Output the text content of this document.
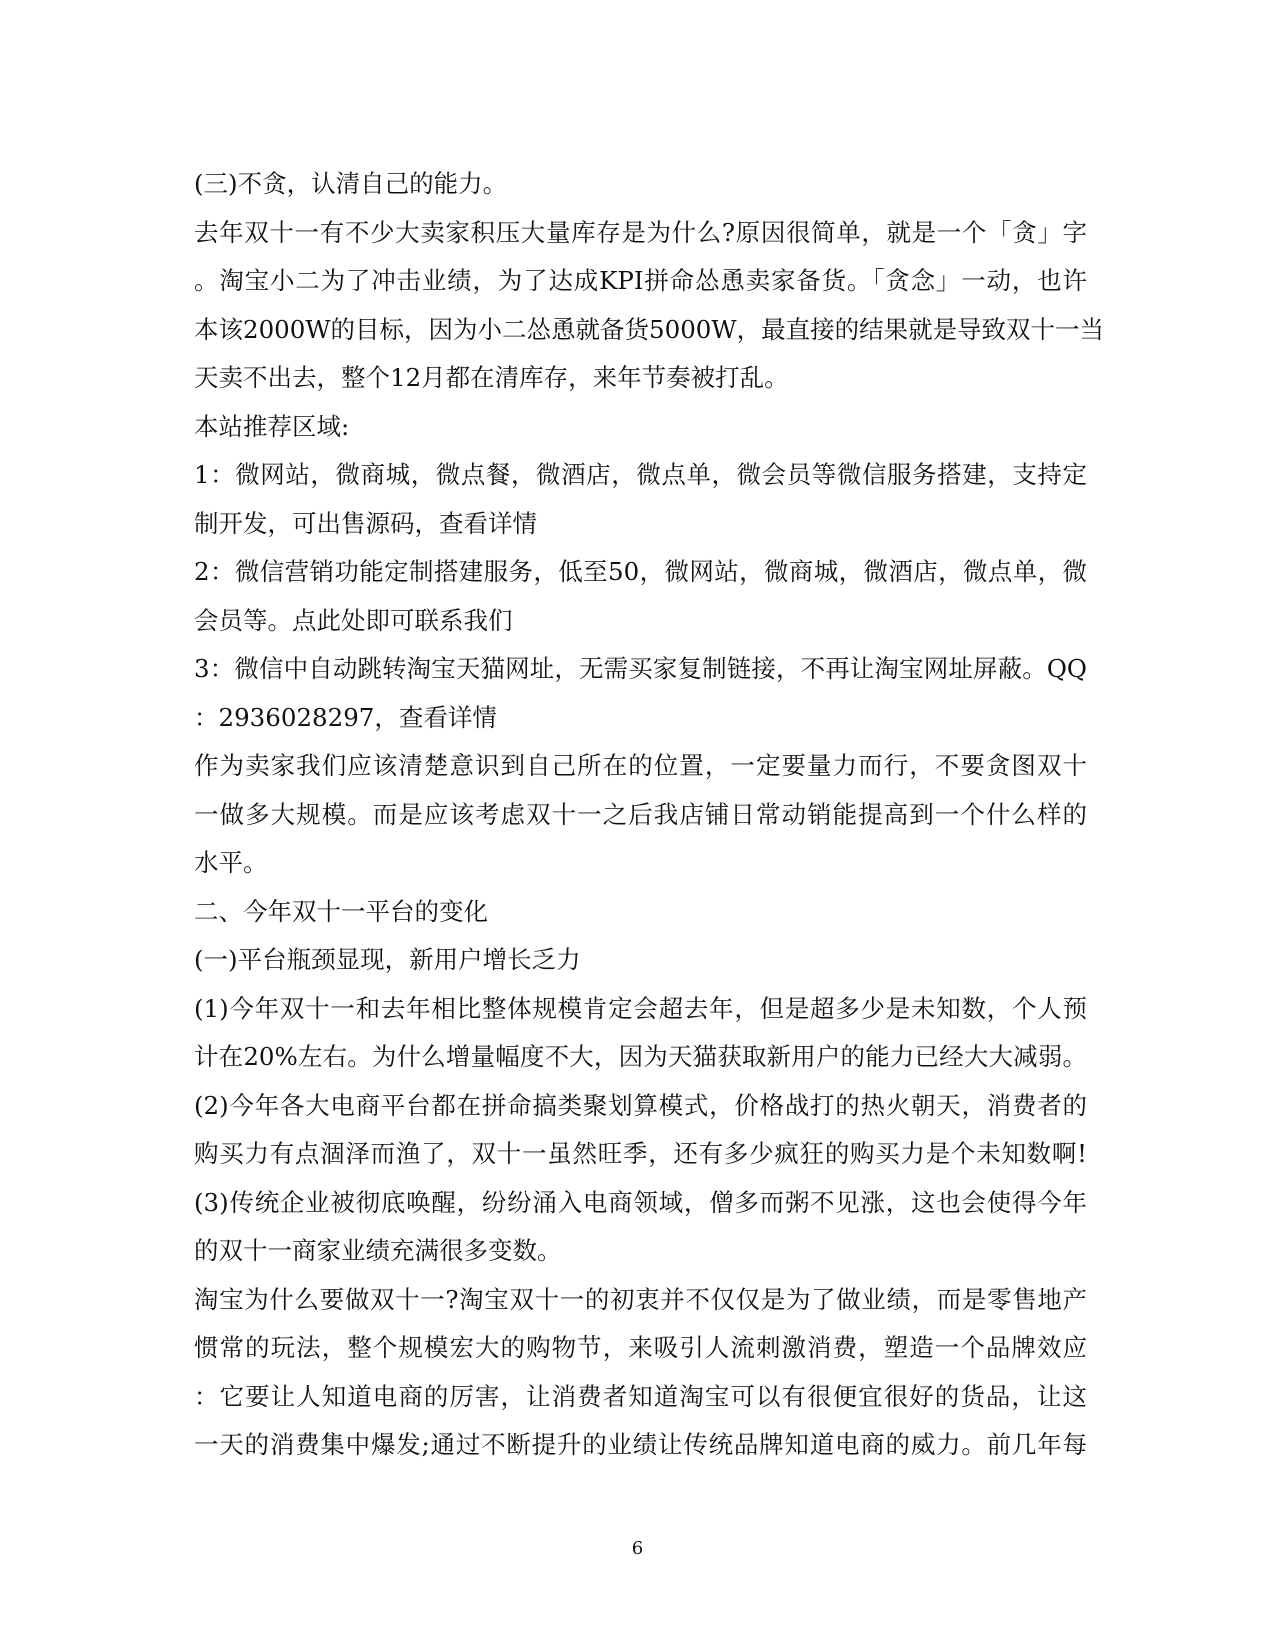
(三)不贪，认清自己的能力。
去年双十一有不少大卖家积压大量库存是为什么?原因很简单，就是一个「贪」字
。淘宝小二为了冲击业绩，为了达成KPI拼命怂恿卖家备货。「贪念」一动，也许
本该2000W的目标，因为小二怂恿就备货5000W，最直接的结果就是导致双十一当
天卖不出去，整个12月都在清库存，来年节奏被打乱。
本站推荐区域:
1：微网站，微商城，微点餐，微酒店，微点单，微会员等微信服务搭建，支持定
制开发，可出售源码，查看详情
2：微信营销功能定制搭建服务，低至50，微网站，微商城，微酒店，微点单，微
会员等。点此处即可联系我们
3：微信中自动跳转淘宝天猫网址，无需买家复制链接，不再让淘宝网址屏蔽。QQ
：2936028297，查看详情
作为卖家我们应该清楚意识到自己所在的位置，一定要量力而行，不要贪图双十
一做多大规模。而是应该考虑双十一之后我店铺日常动销能提高到一个什么样的
水平。
二、今年双十一平台的变化
(一)平台瓶颈显现，新用户增长乏力
(1)今年双十一和去年相比整体规模肯定会超去年，但是超多少是未知数，个人预
计在20%左右。为什么增量幅度不大，因为天猫获取新用户的能力已经大大减弱。
(2)今年各大电商平台都在拼命搞类聚划算模式，价格战打的热火朝天，消费者的
购买力有点涸泽而渔了，双十一虽然旺季，还有多少疯狂的购买力是个未知数啊!
(3)传统企业被彻底唤醒，纷纷涌入电商领域，僧多而粥不见涨，这也会使得今年
的双十一商家业绩充满很多变数。
淘宝为什么要做双十一?淘宝双十一的初衷并不仅仅是为了做业绩，而是零售地产
惯常的玩法，整个规模宏大的购物节，来吸引人流刺激消费，塑造一个品牌效应
：它要让人知道电商的厉害，让消费者知道淘宝可以有很便宜很好的货品，让这
一天的消费集中爆发;通过不断提升的业绩让传统品牌知道电商的威力。前几年每
6
